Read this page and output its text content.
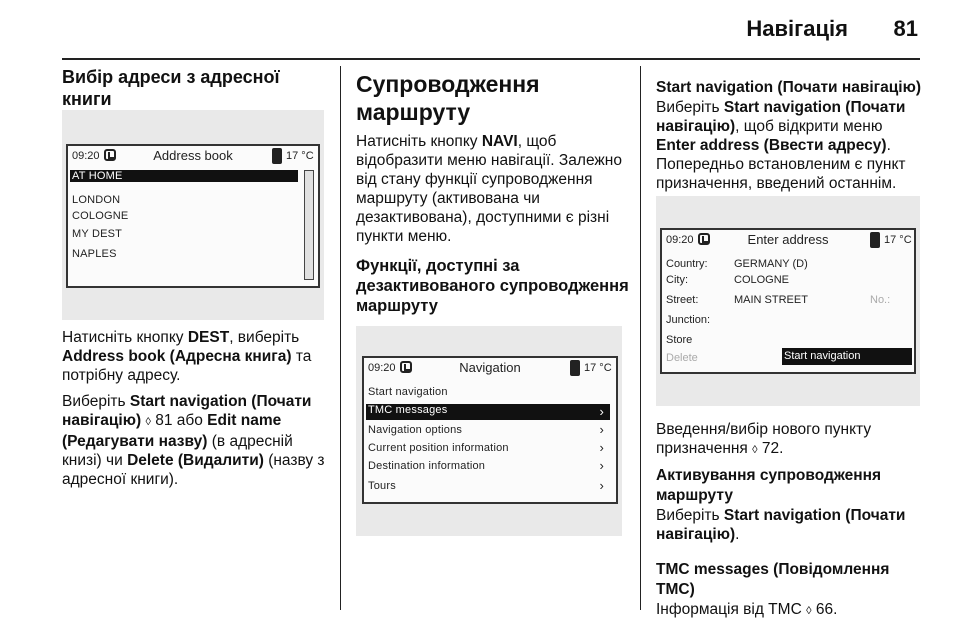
Навігація 81

Вибір адреси з адресної книги

09:20	Address book	17 °C
AT HOME
LONDON
COLOGNE
MY DEST
NAPLES

Натисніть кнопку DEST, виберіть Address book (Адресна книга) та потрібну адресу.

Виберіть Start navigation (Почати навігацію) ◊ 81 або Edit name (Редагувати назву) (в адресній книзі) чи Delete (Видалити) (назву з адресної книги).

Супроводження маршруту

Натисніть кнопку NAVI, щоб відобразити меню навігації. Залежно від стану функції супроводження маршруту (активована чи дезактивована), доступними є різні пункти меню.

Функції, доступні за дезактивованого супроводження маршруту

09:20	Navigation	17 °C
Start navigation
TMC messages	›
Navigation options	›
Current position information	›
Destination information	›
Tours	›

Start navigation (Почати навігацію)

Виберіть Start navigation (Почати навігацію), щоб відкрити меню Enter address (Ввести адресу). Попередньо встановленим є пункт призначення, введений останнім.

09:20	Enter address	17 °C
Country: GERMANY (D)
City:	COLOGNE
Street:	MAIN STREET	No.:
Junction:
Store
Delete	Start navigation

Введення/вибір нового пункту призначення ◊ 72.

Активування супроводження маршруту

Виберіть Start navigation (Почати навігацію).

TMC messages (Повідомлення TMC)

Інформація від TMC ◊ 66.
